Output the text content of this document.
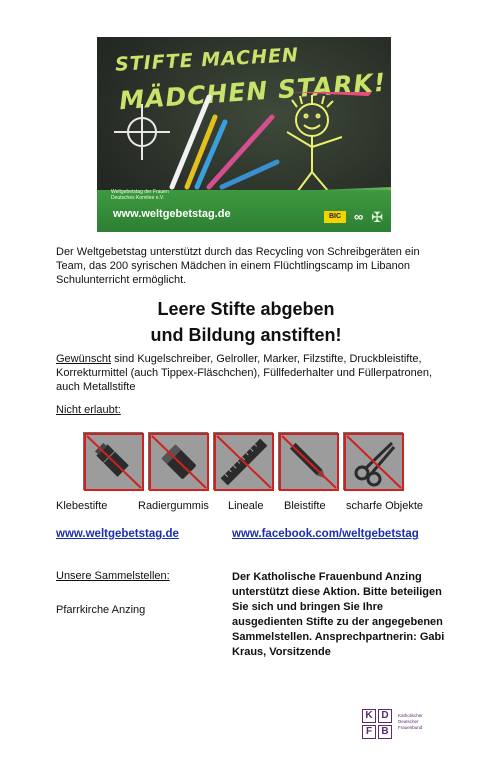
STIFTE MACHEN
MÄDCHEN STARK!
Weltgebetstag der Frauen
Deutsches Komitee e.V.
www.weltgebetstag.de	BIC ∞ ✠

Der Weltgebetstag unterstützt durch das Recycling von Schreibgeräten ein Team, das 200 syrischen Mädchen in einem Flüchtlingscamp im Libanon Schulunterricht ermöglicht.

Leere Stifte abgeben
und Bildung anstiften!

Gewünscht sind Kugelschreiber, Gelroller, Marker, Filzstifte, Druckbleistifte, Korrekturmittel (auch Tippex-Fläschchen), Füllfederhalter und Füllerpatronen, auch Metallstifte

Nicht erlaubt:
Klebestifte	Radiergummis Lineale Bleistifte scharfe Objekte
www.weltgebetstag.de	www.facebook.com/weltgebetstag
Unsere Sammelstellen:
Pfarrkirche Anzing

Der Katholische Frauenbund Anzing unterstützt diese Aktion. Bitte beteiligen Sie sich und bringen Sie Ihre ausgedienten Stifte zu der angegebenen Sammelstellen. Ansprechpartnerin: Gabi Kraus, Vorsitzende

K D
F B
Katholischer Deutscher Frauenbund
